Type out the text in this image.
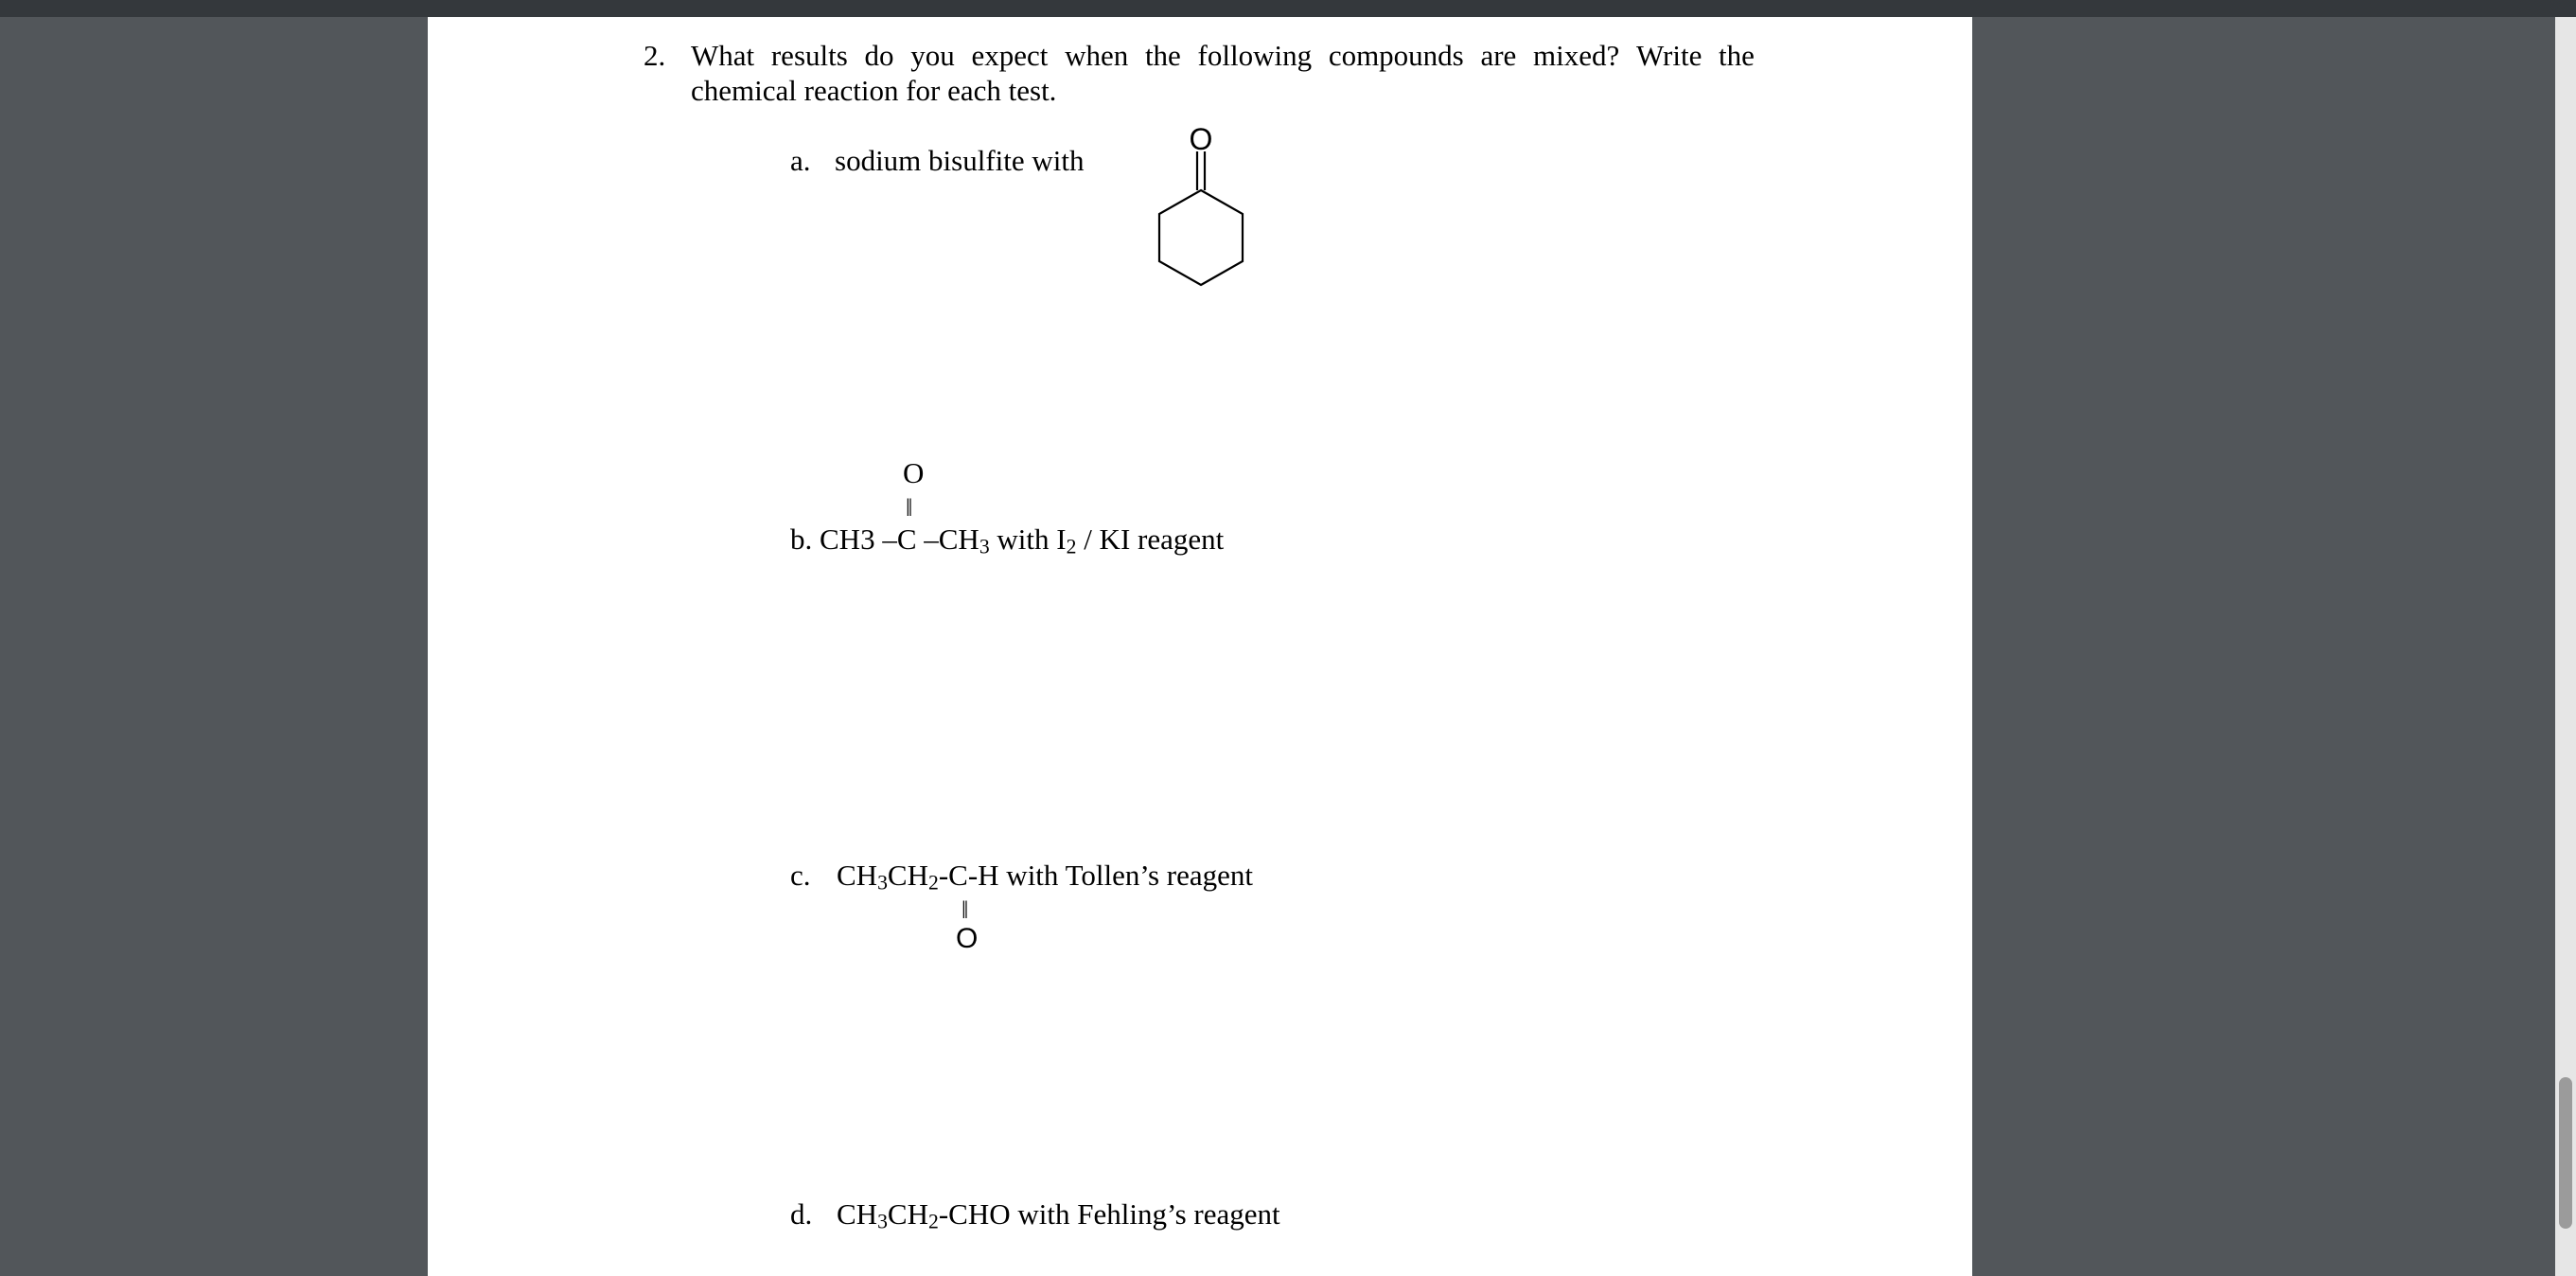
2. What results do you expect when the following compounds are mixed? Write the
chemical reaction for each test.
a. sodium bisulfite with
O
O
‖
b. CH3 –C $-CH_3$ with $I_2$ / KI reagent
c. $CH_3CH_2-C-H$ with Tollen’s reagent
‖
O
d. $CH_3CH_2$-CHO with Fehling’s reagent
